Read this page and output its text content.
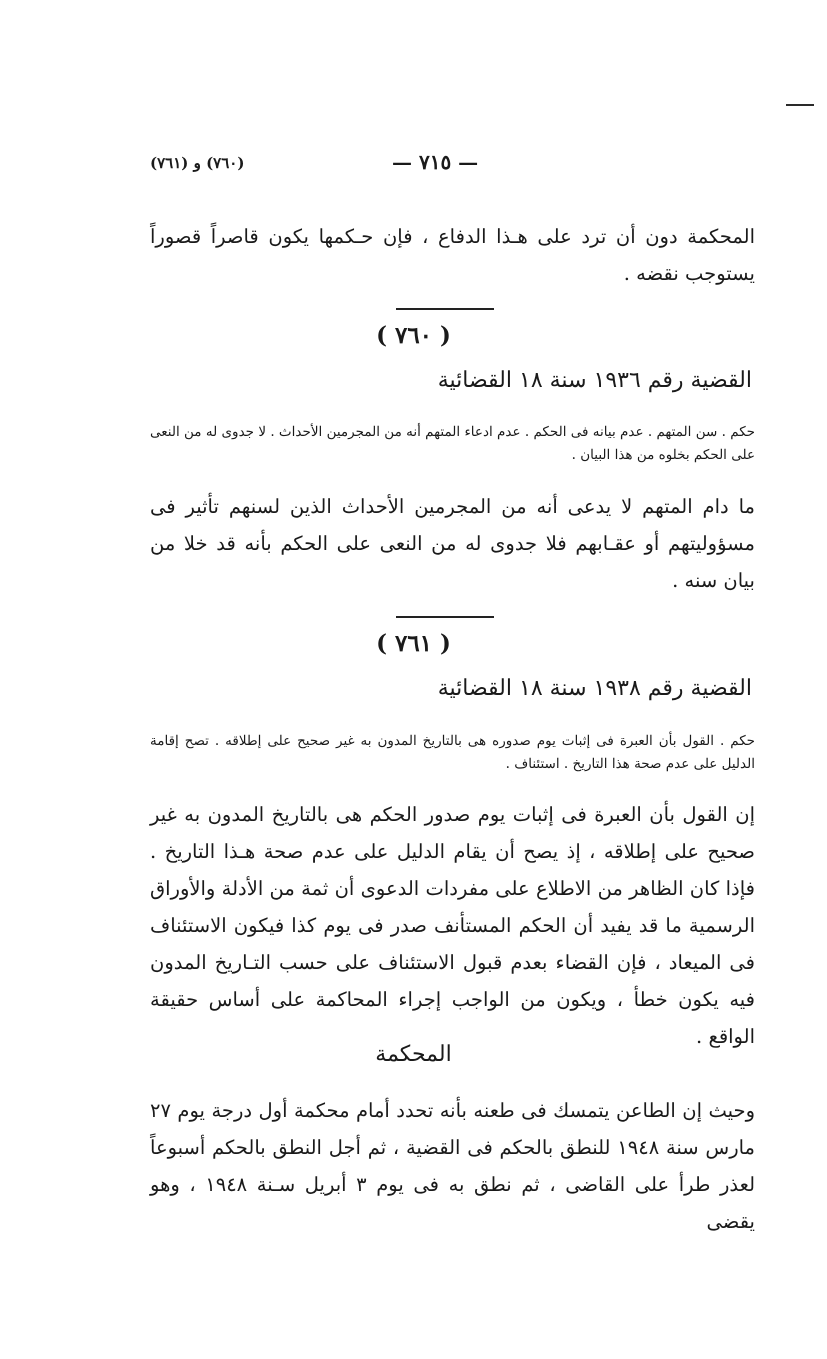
(٧٦٠) و (٧٦١)	— ٧١٥ —

المحكمة دون أن ترد على هـذا الدفاع ، فإن حـكمها يكون قاصراً قصوراً يستوجب نقضه .

( ٧٦٠ )
القضية رقم ١٩٣٦ سنة ١٨ القضائية

حكم . سن المتهم . عدم بيانه فى الحكم . عدم ادعاء المتهم أنه من المجرمين الأحداث . لا جدوى له من النعى على الحكم بخلوه من هذا البيان .

ما دام المتهم لا يدعى أنه من المجرمين الأحداث الذين لسنهم تأثير فى مسؤوليتهم أو عقـابهم فلا جدوى له من النعى على الحكم بأنه قد خلا من بيان سنه .

( ٧٦١ )
القضية رقم ١٩٣٨ سنة ١٨ القضائية

حكم . القول بأن العبرة فى إثبات يوم صدوره هى بالتاريخ المدون به غير صحيح على إطلاقه . تصح إقامة الدليل على عدم صحة هذا التاريخ . استئناف .

إن القول بأن العبرة فى إثبات يوم صدور الحكم هى بالتاريخ المدون به غير صحيح على إطلاقه ، إذ يصح أن يقام الدليل على عدم صحة هـذا التاريخ . فإذا كان الظاهر من الاطلاع على مفردات الدعوى أن ثمة من الأدلة والأوراق الرسمية ما قد يفيد أن الحكم المستأنف صدر فى يوم كذا فيكون الاستئناف فى الميعاد ، فإن القضاء بعدم قبول الاستئناف على حسب التـاريخ المدون فيه يكون خطأ ، ويكون من الواجب إجراء المحاكمة على أساس حقيقة الواقع .

المحكمة

وحيث إن الطاعن يتمسك فى طعنه بأنه تحدد أمام محكمة أول درجة يوم ٢٧ مارس سنة ١٩٤٨ للنطق بالحكم فى القضية ، ثم أجل النطق بالحكم أسبوعاً لعذر طرأ على القاضى ، ثم نطق به فى يوم ٣ أبريل سـنة ١٩٤٨ ، وهو يقضى
